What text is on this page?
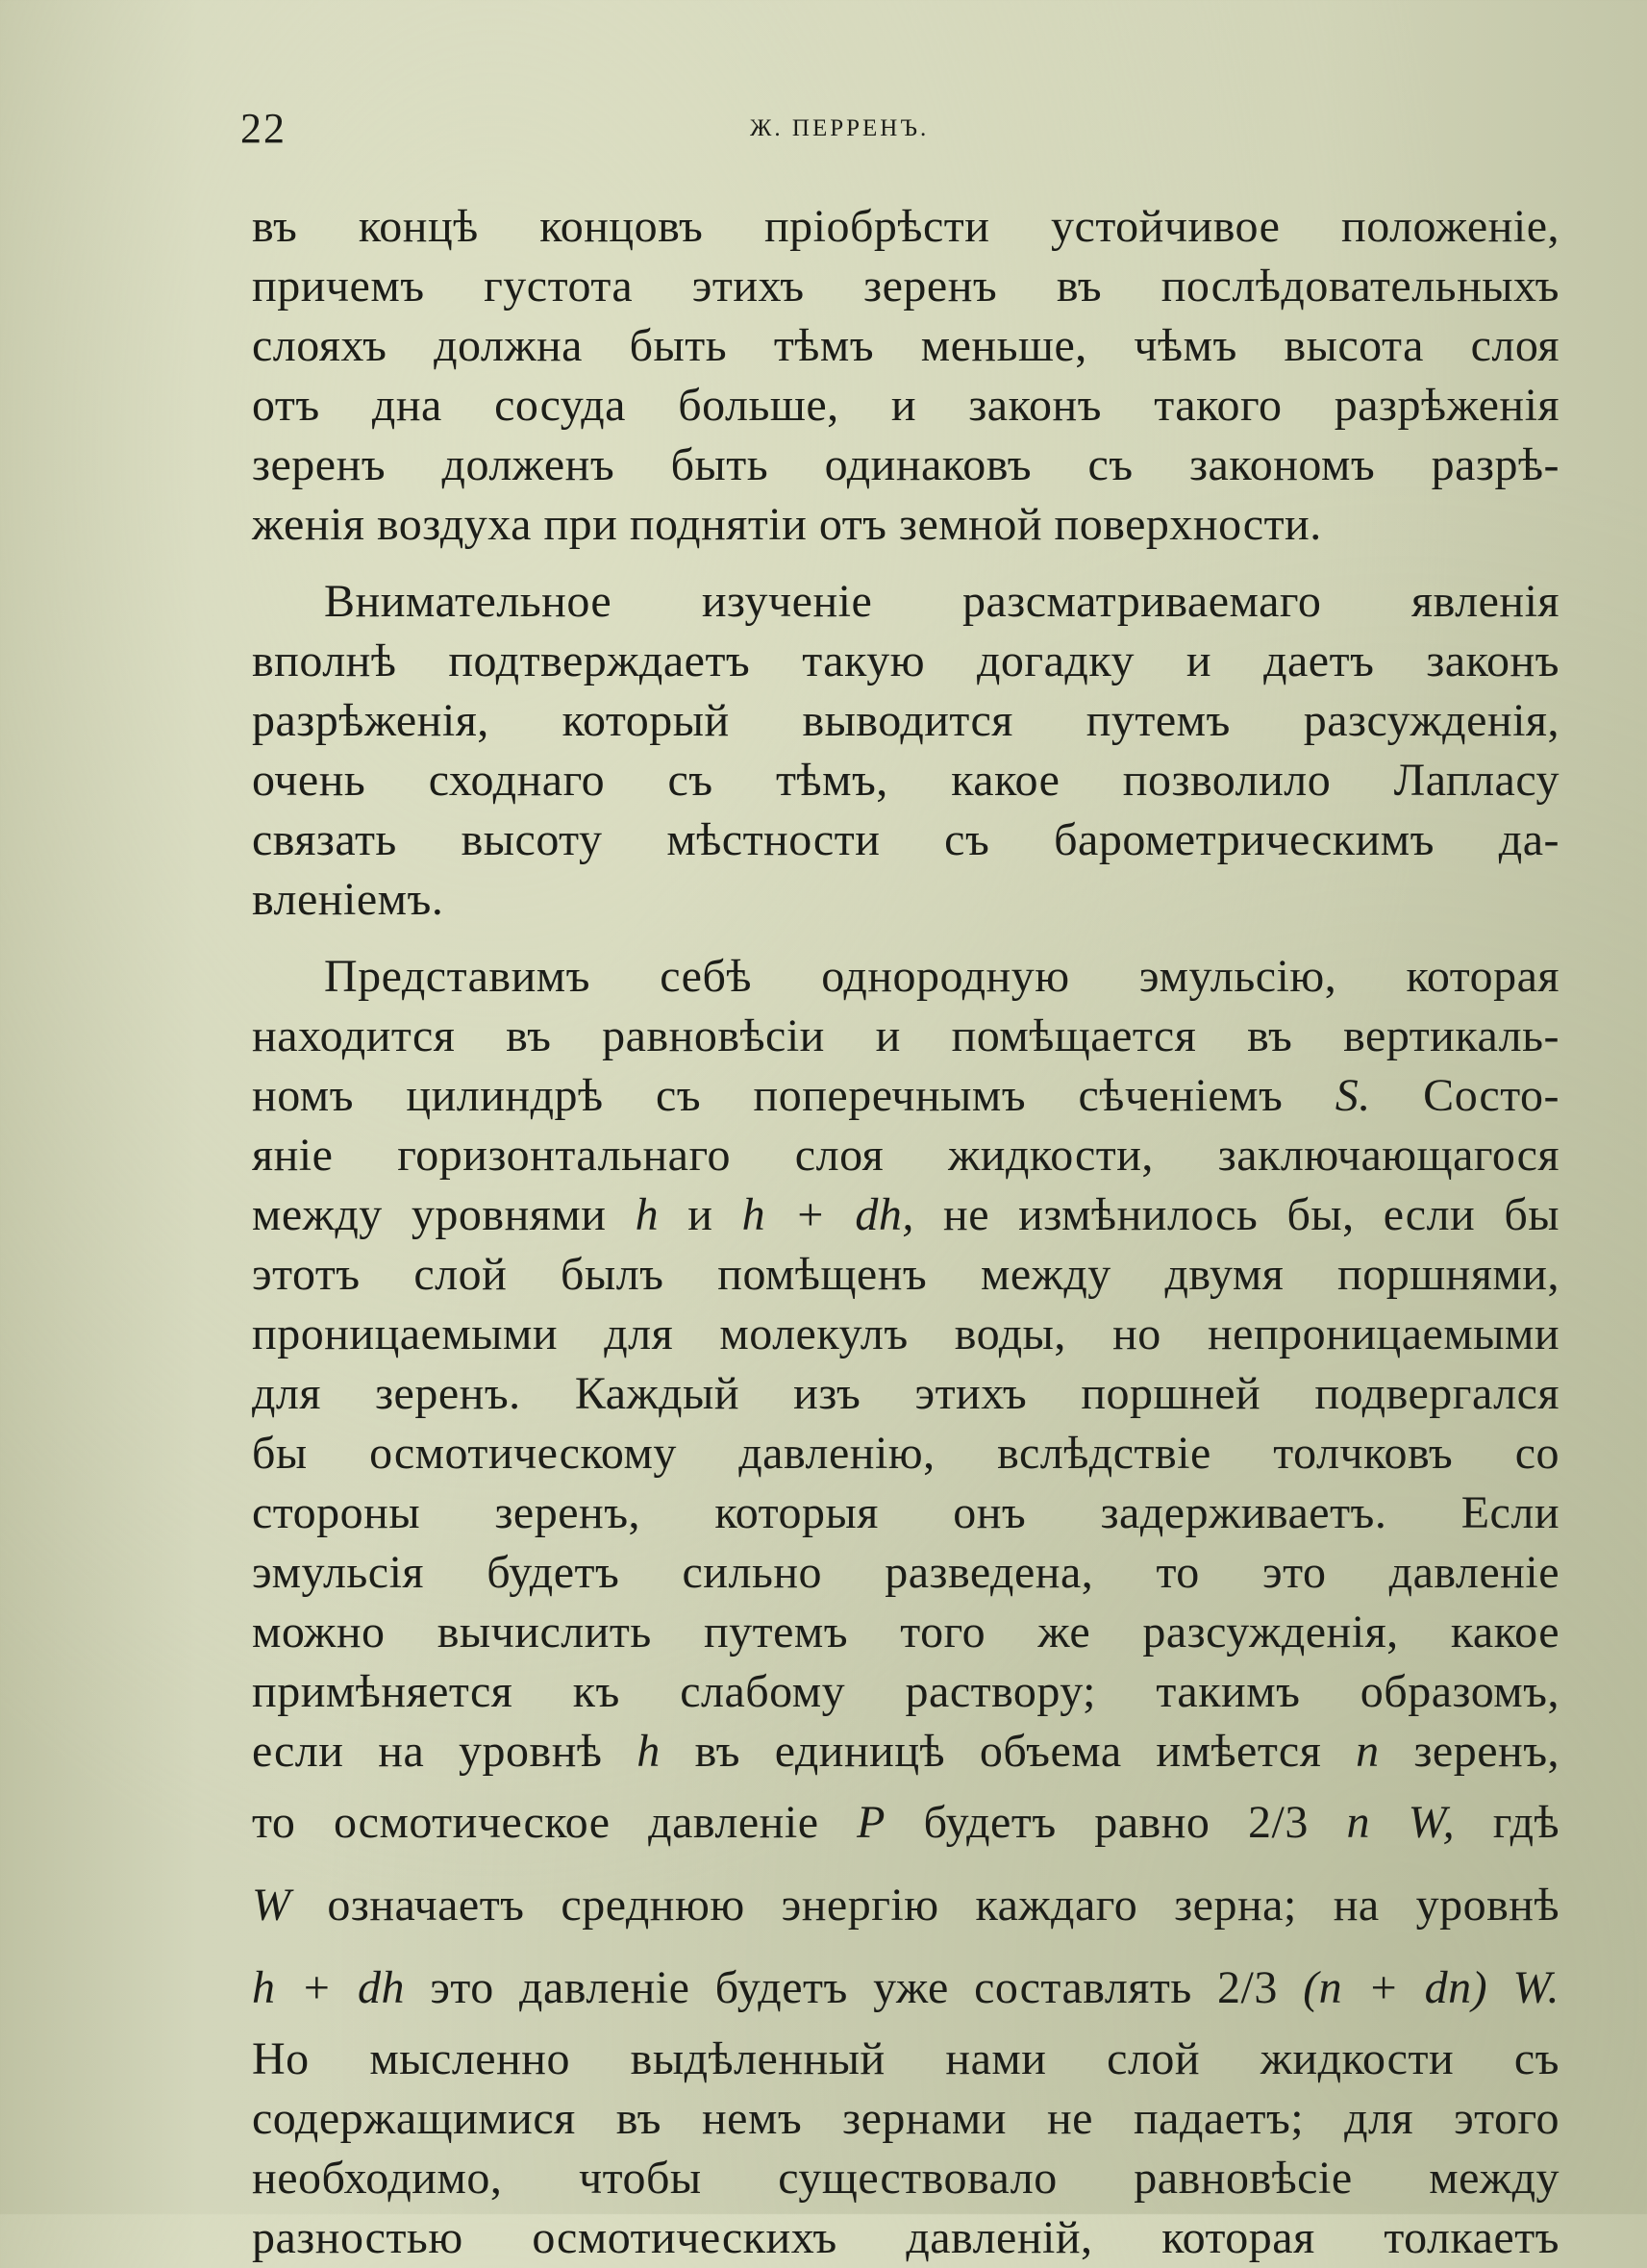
22	Ж. ПЕРРЕНЪ.
въ концѣ концовъ пріобрѣсти устойчивое положеніе,
причемъ густота этихъ зеренъ въ послѣдовательныхъ
слояхъ должна быть тѣмъ меньше, чѣмъ высота слоя
отъ дна сосуда больше, и законъ такого разрѣженія
зеренъ долженъ быть одинаковъ съ закономъ разрѣ-
женія воздуха при поднятіи отъ земной поверхности.
Внимательное изученіе разсматриваемаго явленія
вполнѣ подтверждаетъ такую догадку и даетъ законъ
разрѣженія, который выводится путемъ разсужденія,
очень сходнаго съ тѣмъ, какое позволило Лапласу
связать высоту мѣстности съ барометрическимъ да-
вленіемъ.
Представимъ себѣ однородную эмульсію, которая
находится въ равновѣсіи и помѣщается въ вертикаль-
номъ цилиндрѣ съ поперечнымъ сѣченіемъ S. Состо-
яніе горизонтальнаго слоя жидкости, заключающагося
между уровнями h и h + dh, не измѣнилось бы, если бы
этотъ слой былъ помѣщенъ между двумя поршнями,
проницаемыми для молекулъ воды, но непроницаемыми
для зеренъ. Каждый изъ этихъ поршней подвергался
бы осмотическому давленію, вслѣдствіе толчковъ со
стороны зеренъ, которыя онъ задерживаетъ. Если
эмульсія будетъ сильно разведена, то это давленіе
можно вычислить путемъ того же разсужденія, какое
примѣняется къ слабому раствору; такимъ образомъ,
если на уровнѣ h въ единицѣ объема имѣется n зеренъ,
то осмотическое давленіе P будетъ равно 2/3 n W, гдѣ
W означаетъ среднюю энергію каждаго зерна; на уровнѣ
h + dh это давленіе будетъ уже составлять 2/3 (n + dn) W.
Но мысленно выдѣленный нами слой жидкости съ
содержащимися въ немъ зернами не падаетъ; для этого
необходимо, чтобы существовало равновѣсіе между
разностью осмотическихъ давленій, которая толкаетъ
